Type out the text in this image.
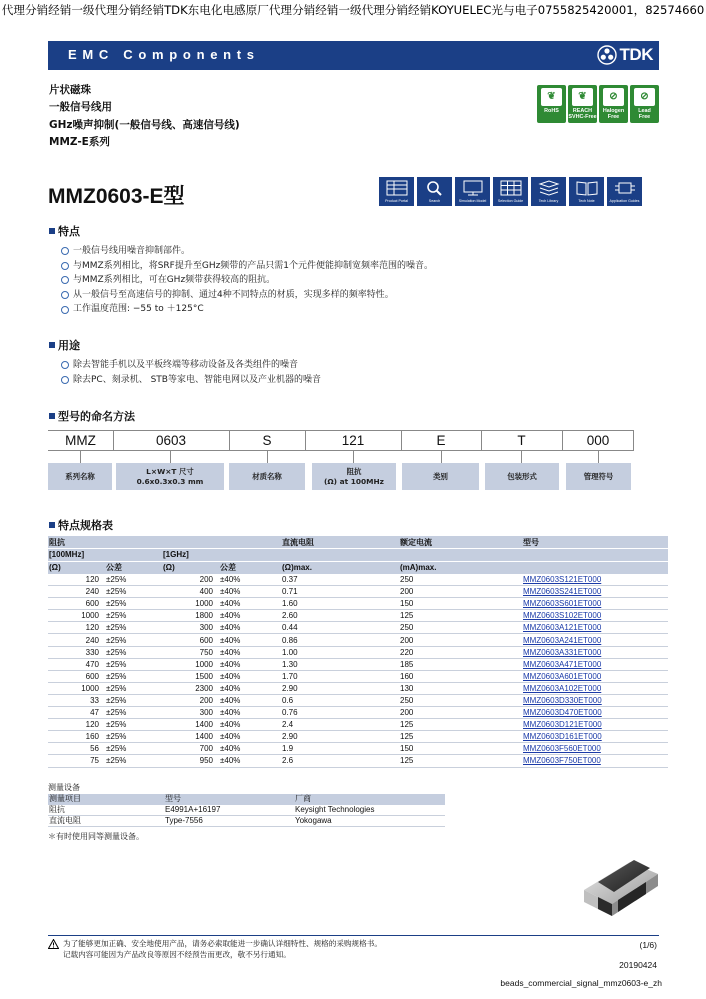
代理分销经销一级代理分销经销TDK东电化电感原厂代理分销经销一级代理分销经销KOYUELEC光与电子0755825420001，82574660
EMC Components	TDK
片状磁珠
一般信号线用
GHz噪声抑制(一般信号线、高速信号线)
MMZ-E系列
❦
RoHS
❦
REACH
SVHC-Free
⊘
Halogen
Free
⊘
Lead
Free
MMZ0603-E型	Product Portal	Search	Simulation Model	Selection Guide	Tech Library	Tech Note	Application Guides
特点
一般信号线用噪音抑制部件。
与MMZ系列相比，将SRF提升至GHz频带的产品只需1个元件便能抑制宽频率范围的噪音。
与MMZ系列相比，可在GHz频带获得较高的阻抗。
从一般信号至高速信号的抑制、通过4种不同特点的材质，实现多样的频率特性。
工作温度范围: −55 to ＋125°C
用途
除去智能手机以及平板终端等移动设备及各类组件的噪音
除去PC、刻录机、 STB等家电、智能电网以及产业机器的噪音
型号的命名方法
MMZ	0603	S	121	E	T	000
系列名称
L×W×T 尺寸
0.6x0.3x0.3 mm
材质名称
阻抗
(Ω) at 100MHz
类别	包装形式	管理符号
特点规格表
阻抗				直流电阻	额定电流	型号
[100MHz]		[1GHz]				
(Ω)	公差	(Ω)	公差	(Ω)max.	(mA)max.	
120	±25%	200	±40%	0.37	250	MMZ0603S121ET000
240	±25%	400	±40%	0.71	200	MMZ0603S241ET000
600	±25%	1000	±40%	1.60	150	MMZ0603S601ET000
1000	±25%	1800	±40%	2.60	125	MMZ0603S102ET000
120	±25%	300	±40%	0.44	250	MMZ0603A121ET000
240	±25%	600	±40%	0.86	200	MMZ0603A241ET000
330	±25%	750	±40%	1.00	220	MMZ0603A331ET000
470	±25%	1000	±40%	1.30	185	MMZ0603A471ET000
600	±25%	1500	±40%	1.70	160	MMZ0603A601ET000
1000	±25%	2300	±40%	2.90	130	MMZ0603A102ET000
33	±25%	200	±40%	0.6	250	MMZ0603D330ET000
47	±25%	300	±40%	0.76	200	MMZ0603D470ET000
120	±25%	1400	±40%	2.4	125	MMZ0603D121ET000
160	±25%	1400	±40%	2.90	125	MMZ0603D161ET000
56	±25%	700	±40%	1.9	150	MMZ0603F560ET000
75	±25%	950	±40%	2.6	125	MMZ0603F750ET000
测量设备
测量项目	型号	厂商
阻抗	E4991A+16197	Keysight Technologies
直流电阻	Type-7556	Yokogawa
＊有时使用同等测量设备。
为了能够更加正确、安全地使用产品，请务必索取能进一步确认详细特性、规格的采购规格书。
记载内容可能因为产品改良等原因不经预告而更改，敬不另行通知。
(1/6)
20190424
beads_commercial_signal_mmz0603-e_zh
